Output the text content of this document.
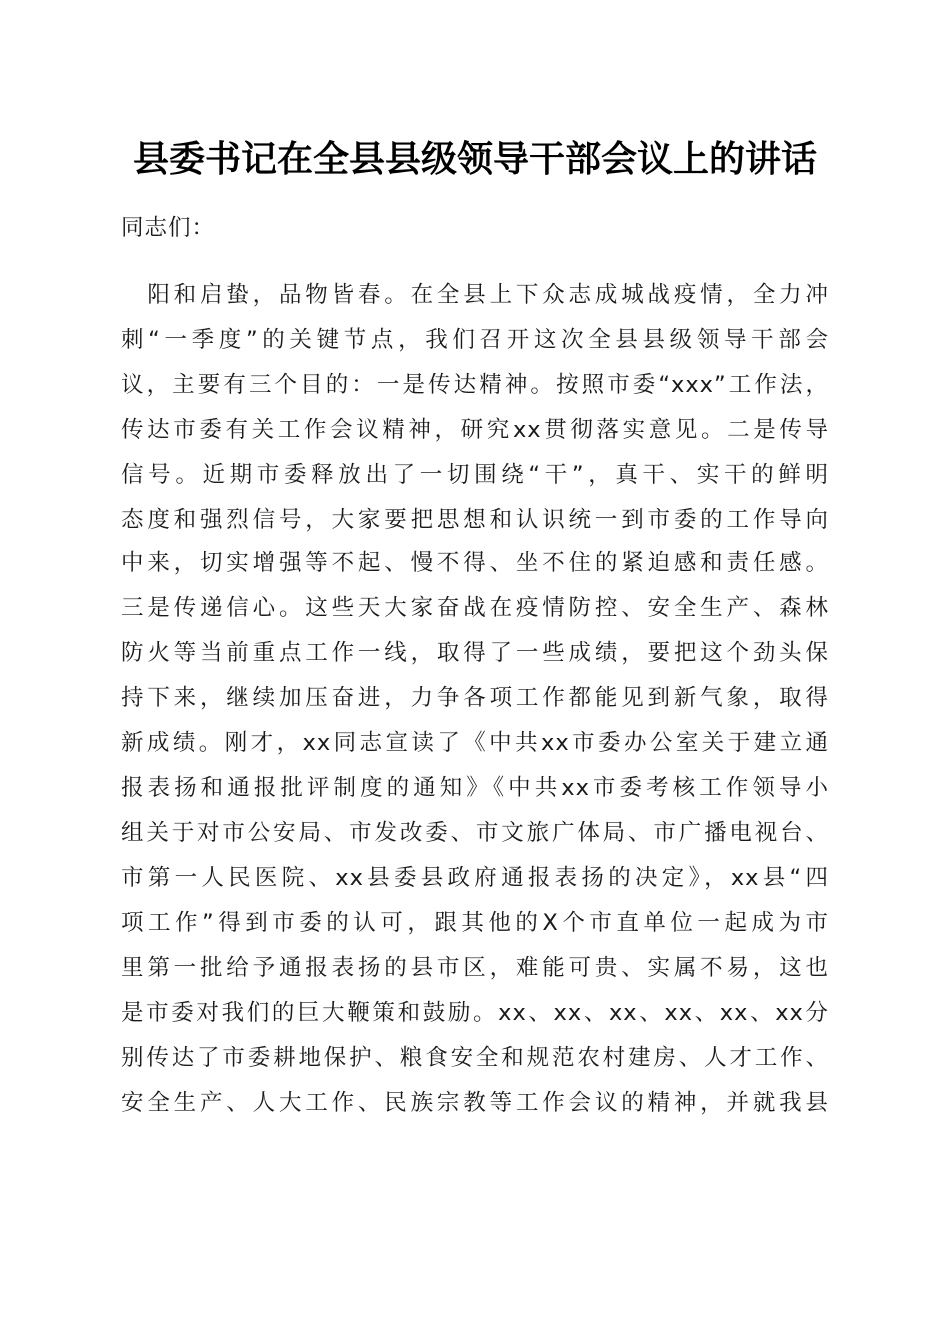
县委书记在全县县级领导干部会议上的讲话

同志们：

　阳和启蛰，品物皆春。在全县上下众志成城战疫情，全力冲

刺“一季度”的关键节点，我们召开这次全县县级领导干部会

议，主要有三个目的：一是传达精神。按照市委“xxx”工作法，

传达市委有关工作会议精神，研究xx贯彻落实意见。二是传导

信号。近期市委释放出了一切围绕“干”，真干、实干的鲜明

态度和强烈信号，大家要把思想和认识统一到市委的工作导向

中来，切实增强等不起、慢不得、坐不住的紧迫感和责任感。

三是传递信心。这些天大家奋战在疫情防控、安全生产、森林

防火等当前重点工作一线，取得了一些成绩，要把这个劲头保

持下来，继续加压奋进，力争各项工作都能见到新气象，取得

新成绩。刚才，xx同志宣读了《中共xx市委办公室关于建立通

报表扬和通报批评制度的通知》《中共xx市委考核工作领导小

组关于对市公安局、市发改委、市文旅广体局、市广播电视台、

市第一人民医院、xx县委县政府通报表扬的决定》，xx县“四

项工作”得到市委的认可，跟其他的X个市直单位一起成为市

里第一批给予通报表扬的县市区，难能可贵、实属不易，这也

是市委对我们的巨大鞭策和鼓励。xx、xx、xx、xx、xx、xx分

别传达了市委耕地保护、粮食安全和规范农村建房、人才工作、

安全生产、人大工作、民族宗教等工作会议的精神，并就我县
